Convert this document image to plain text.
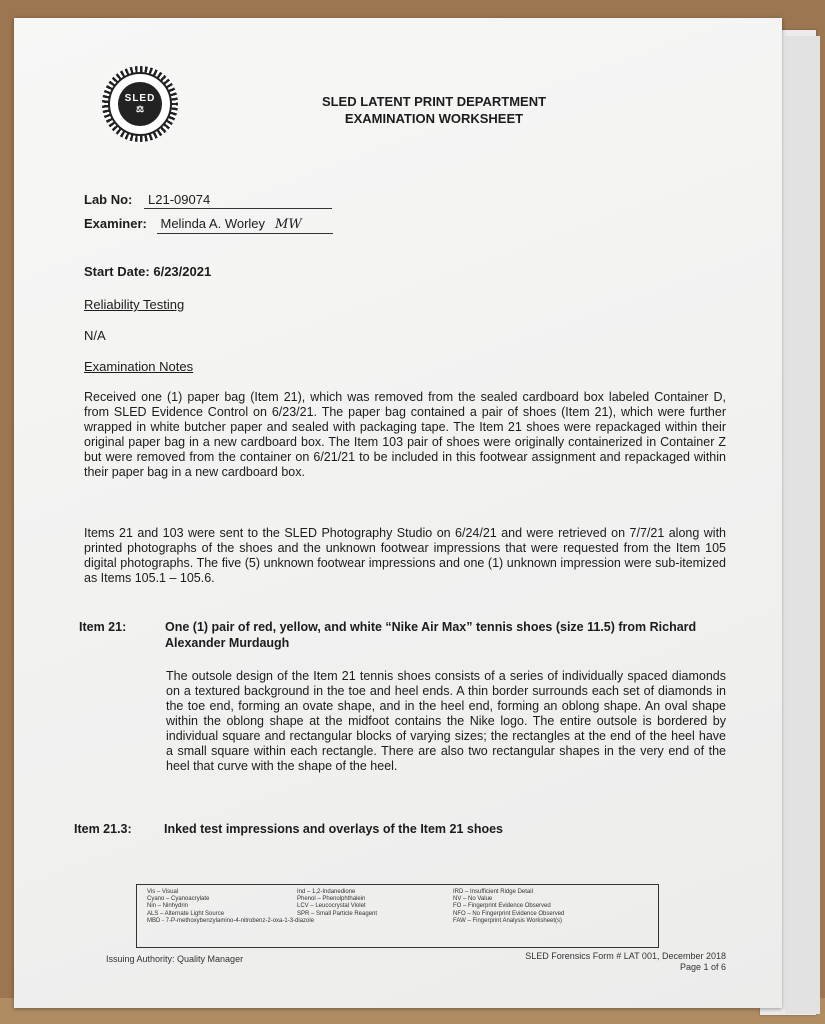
SLED
⚖	SLED LATENT PRINT DEPARTMENT
EXAMINATION WORKSHEET
Lab No: L21-09074
Examiner: Melinda A. Worley MW
Start Date: 6/23/2021
Reliability Testing
N/A
Examination Notes

Received one (1) paper bag (Item 21), which was removed from the sealed cardboard box labeled Container D, from SLED Evidence Control on 6/23/21. The paper bag contained a pair of shoes (Item 21), which were further wrapped in white butcher paper and sealed with packaging tape. The Item 21 shoes were repackaged within their original paper bag in a new cardboard box. The Item 103 pair of shoes were originally containerized in Container Z but were removed from the container on 6/21/21 to be included in this footwear assignment and repackaged within their paper bag in a new cardboard box.

Items 21 and 103 were sent to the SLED Photography Studio on 6/24/21 and were retrieved on 7/7/21 along with printed photographs of the shoes and the unknown footwear impressions that were requested from the Item 105 digital photographs. The five (5) unknown footwear impressions and one (1) unknown impression were sub-itemized as Items 105.1 – 105.6.

Item 21:	One (1) pair of red, yellow, and white “Nike Air Max” tennis shoes (size 11.5) from Richard Alexander Murdaugh

The outsole design of the Item 21 tennis shoes consists of a series of individually spaced diamonds on a textured background in the toe and heel ends. A thin border surrounds each set of diamonds in the toe end, forming an ovate shape, and in the heel end, forming an oblong shape. An oval shape within the oblong shape at the midfoot contains the Nike logo. The entire outsole is bordered by individual square and rectangular blocks of varying sizes; the rectangles at the end of the heel have a small square within each rectangle. There are also two rectangular shapes in the very end of the heel that curve with the shape of the heel.

Item 21.3:	Inked test impressions and overlays of the Item 21 shoes
Vis – Visual
Cyano – Cyanoacrylate
Nin – Ninhydrin
ALS – Alternate Light Source
MBD - 7-P-methoxybenzylamino-4-nitrobenz-2-oxa-1-3-diazole
Ind – 1,2-Indanedione
Phenol – Phenolphthalein
LCV – Leucocrystal Violet
SPR – Small Particle Reagent
IRD – Insufficient Ridge Detail
NV – No Value
FO – Fingerprint Evidence Observed
NFO – No Fingerprint Evidence Observed
FAW – Fingerprint Analysis Worksheet(s)
Issuing Authority: Quality Manager	SLED Forensics Form # LAT 001, December 2018
Page 1 of 6
